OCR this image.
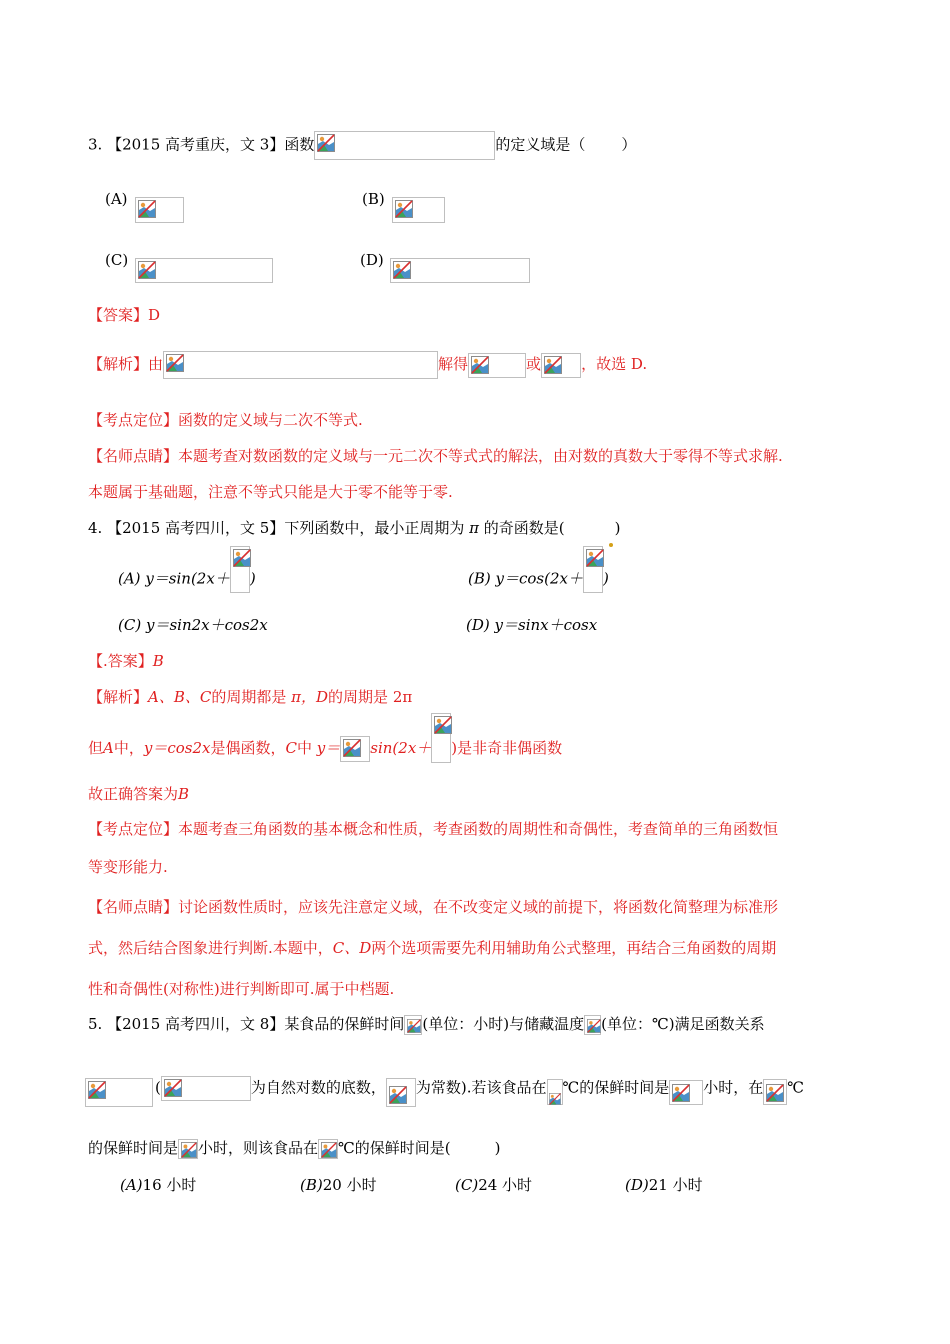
3. 【2015 高考重庆，文 3】函数	的定义域是（ ）
(A)	(B)
(C)	(D)
【答案】D
【解析】由	解得	或	，故选 D.
【考点定位】函数的定义域与二次不等式.
【名师点睛】本题考查对数函数的定义域与一元二次不等式式的解法，由对数的真数大于零得不等式求解.
本题属于基础题，注意不等式只能是大于零不能等于零.
4. 【2015 高考四川，文 5】下列函数中，最小正周期为 π 的奇函数是(	)
(A) y＝sin(2x＋ )	(B) y＝cos(2x＋ )
(C) y＝sin2x＋cos2x	(D) y＝sinx＋cosx
【.答案】B
【解析】A、B、C的周期都是 π，D的周期是 2π
但A中，y＝cos2x是偶函数，C中 y＝ sin(2x＋ )是非奇非偶函数
故正确答案为B
【考点定位】本题考查三角函数的基本概念和性质，考查函数的周期性和奇偶性，考查简单的三角函数恒
等变形能力.
【名师点睛】讨论函数性质时，应该先注意定义域，在不改变定义域的前提下，将函数化简整理为标准形
式，然后结合图象进行判断.本题中，C、D两个选项需要先利用辅助角公式整理，再结合三角函数的周期
性和奇偶性(对称性)进行判断即可.属于中档题.
5. 【2015 高考四川，文 8】某食品的保鲜时间 (单位：小时)与储藏温度 (单位：℃)满足函数关系
(	为自然对数的底数， 为常数).若该食品在 ℃的保鲜时间是 小时，在 ℃
的保鲜时间是 小时，则该食品在 ℃的保鲜时间是(	)
(A)16 小时	(B)20 小时	(C)24 小时	(D)21 小时
